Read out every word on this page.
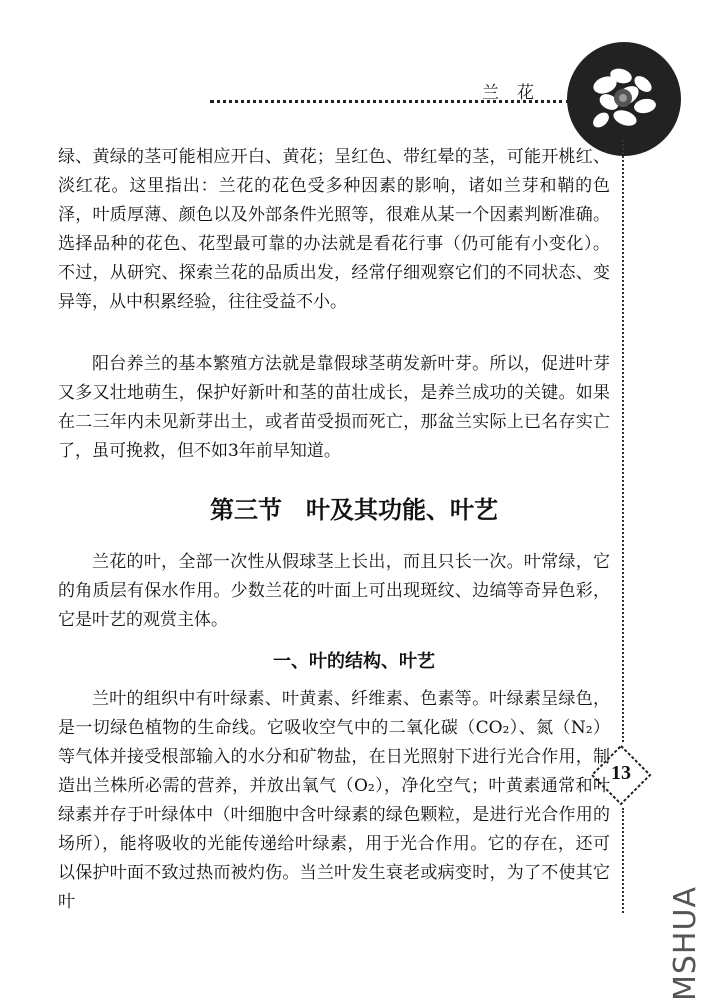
兰花
13

绿、黄绿的茎可能相应开白、黄花；呈红色、带红晕的茎，可能开桃红、淡红花。这里指出：兰花的花色受多种因素的影响，诸如兰芽和鞘的色泽，叶质厚薄、颜色以及外部条件光照等，很难从某一个因素判断准确。选择品种的花色、花型最可靠的办法就是看花行事（仍可能有小变化）。不过，从研究、探索兰花的品质出发，经常仔细观察它们的不同状态、变异等，从中积累经验，往往受益不小。

阳台养兰的基本繁殖方法就是靠假球茎萌发新叶芽。所以，促进叶芽又多又壮地萌生，保护好新叶和茎的苗壮成长，是养兰成功的关键。如果在二三年内未见新芽出土，或者苗受损而死亡，那盆兰实际上已名存实亡了，虽可挽救，但不如3年前早知道。

第三节　叶及其功能、叶艺

兰花的叶，全部一次性从假球茎上长出，而且只长一次。叶常绿，它的角质层有保水作用。少数兰花的叶面上可出现斑纹、边缟等奇异色彩，它是叶艺的观赏主体。

一、叶的结构、叶艺

兰叶的组织中有叶绿素、叶黄素、纤维素、色素等。叶绿素呈绿色，是一切绿色植物的生命线。它吸收空气中的二氧化碳（CO₂）、氮（N₂）等气体并接受根部输入的水分和矿物盐，在日光照射下进行光合作用，制造出兰株所必需的营养，并放出氧气（O₂），净化空气；叶黄素通常和叶绿素并存于叶绿体中（叶细胞中含叶绿素的绿色颗粒，是进行光合作用的场所），能将吸收的光能传递给叶绿素，用于光合作用。它的存在，还可以保护叶面不致过热而被灼伤。当兰叶发生衰老或病变时，为了不使其它叶	MSHUA
